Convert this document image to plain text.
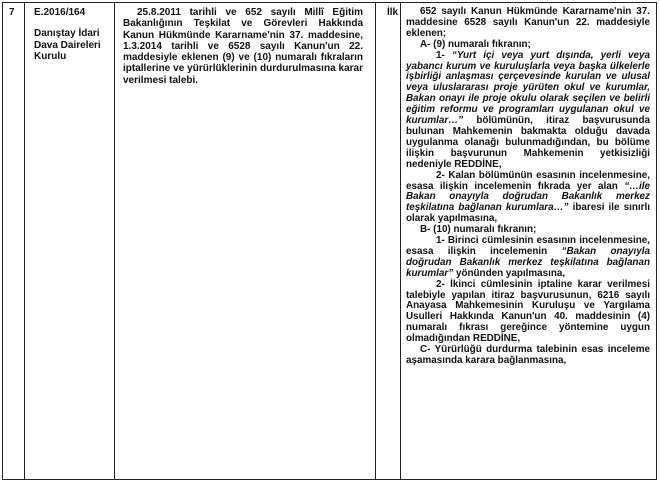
7 E.2016/164
Danıştay İdari Dava Daireleri Kurulu

25.8.2011 tarihli ve 652 sayılı Millî Eğitim Bakanlığının Teşkilat ve Görevleri Hakkında Kanun Hükmünde Kararname'nin 37. maddesine, 1.3.2014 tarihli ve 6528 sayılı Kanun'un 22. maddesiyle eklenen (9) ve (10) numaralı fıkraların iptallerine ve yürürlüklerinin durdurulmasına karar verilmesi talebi.

İlk	652 sayılı Kanun Hükmünde Kararname'nin 37. maddesine 6528 sayılı Kanun'un 22. maddesiyle eklenen;

A- (9) numaralı fıkranın;

1- “Yurt içi veya yurt dışında, yerli veya yabancı kurum ve kuruluşlarla veya başka ülkelerle işbirliği anlaşması çerçevesinde kurulan ve ulusal veya uluslararası proje yürüten okul ve kurumlar, Bakan onayı ile proje okulu olarak seçilen ve belirli eğitim reformu ve programları uygulanan okul ve kurumlar…” bölümünün, itiraz başvurusunda bulunan Mahkemenin bakmakta olduğu davada uygulanma olanağı bulunmadığından, bu bölüme ilişkin başvurunun Mahkemenin yetkisizliği nedeniyle REDDİNE,

2- Kalan bölümünün esasının incelenmesine, esasa ilişkin incelemenin fıkrada yer alan “…ile Bakan onayıyla doğrudan Bakanlık merkez teşkilatına bağlanan kurumlara…” ibaresi ile sınırlı olarak yapılmasına,

B- (10) numaralı fıkranın;

1- Birinci cümlesinin esasının incelenmesine, esasa ilişkin incelemenin “Bakan onayıyla doğrudan Bakanlık merkez teşkilatına bağlanan kurumlar” yönünden yapılmasına,

2- İkinci cümlesinin iptaline karar verilmesi talebiyle yapılan itiraz başvurusunun, 6216 sayılı Anayasa Mahkemesinin Kuruluşu ve Yargılama Usulleri Hakkında Kanun'un 40. maddesinin (4) numaralı fıkrası gereğince yöntemine uygun olmadığından REDDİNE,

C- Yürürlüğü durdurma talebinin esas inceleme aşamasında karara bağlanmasına,
